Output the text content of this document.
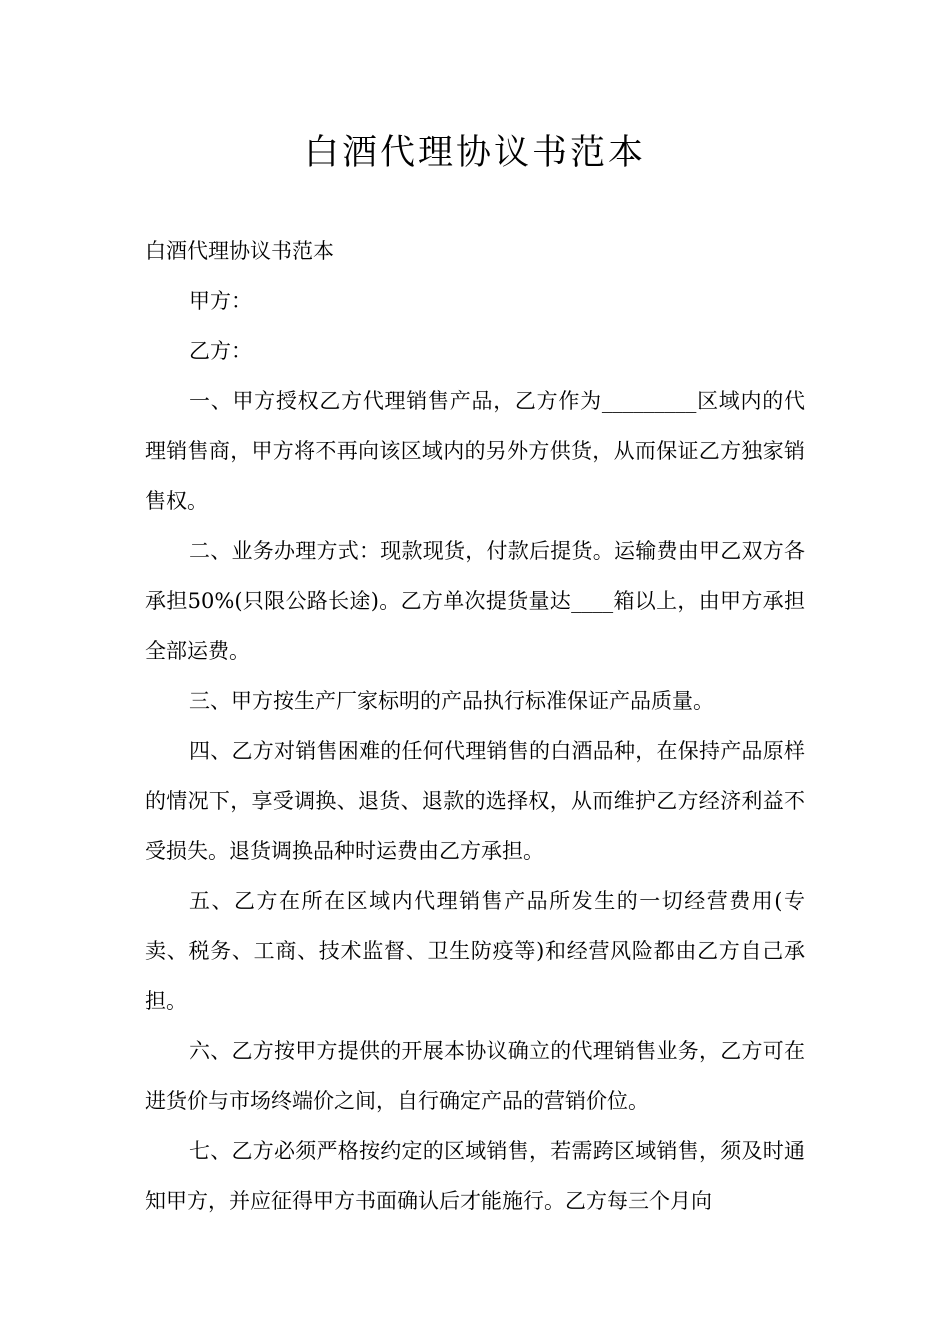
白酒代理协议书范本

白酒代理协议书范本

甲方：

乙方：

一、甲方授权乙方代理销售产品，乙方作为_________区域内的代理销售商，甲方将不再向该区域内的另外方供货，从而保证乙方独家销售权。

二、业务办理方式：现款现货，付款后提货。运输费由甲乙双方各承担50%(只限公路长途)。乙方单次提货量达____箱以上，由甲方承担全部运费。

三、甲方按生产厂家标明的产品执行标准保证产品质量。

四、乙方对销售困难的任何代理销售的白酒品种，在保持产品原样的情况下，享受调换、退货、退款的选择权，从而维护乙方经济利益不受损失。退货调换品种时运费由乙方承担。

五、乙方在所在区域内代理销售产品所发生的一切经营费用(专卖、税务、工商、技术监督、卫生防疫等)和经营风险都由乙方自己承担。

六、乙方按甲方提供的开展本协议确立的代理销售业务，乙方可在进货价与市场终端价之间，自行确定产品的营销价位。

七、乙方必须严格按约定的区域销售，若需跨区域销售，须及时通知甲方，并应征得甲方书面确认后才能施行。乙方每三个月向
